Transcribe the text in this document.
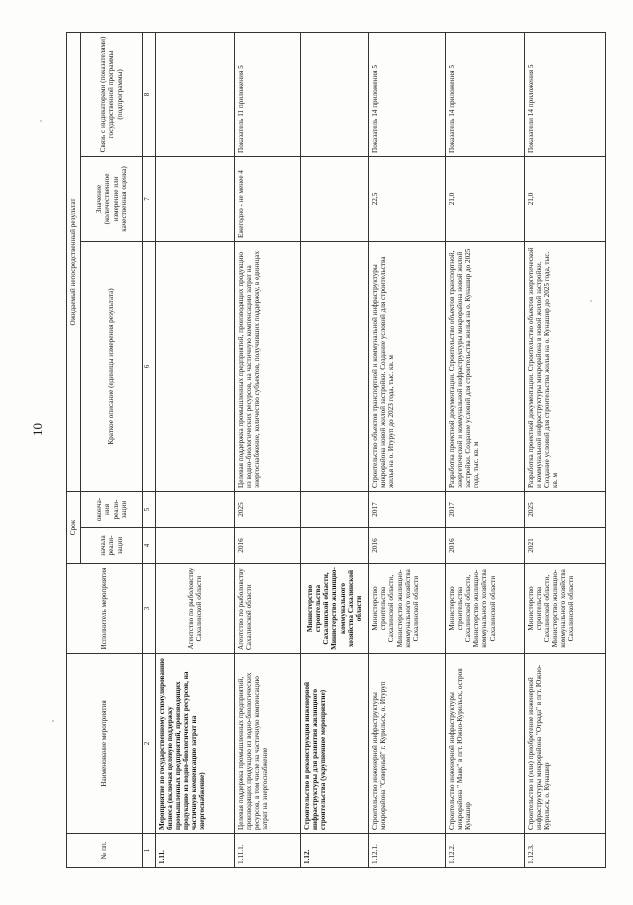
10
№ пп.	Наименование мероприятия	Исполнитель мероприятия	Срок		Ожидаемый непосредственный результат		
			начала реали-зации	оконча-ния реали-зации	Краткое описание (единицы измерения результата)	Значение (количественное измерение или качественная оценка)	Связь с индикаторами (показателями) государственной программы (подпрограммы)
1	2	3	4	5	6	7	8
1.11.	Мероприятие по государственному стимулированию бизнеса (включая целевую поддержку промышленных предприятий, производящих продукцию из водно-биологических ресурсов, на частичную компенсацию затрат на энергоснабжение)	Агентство по рыболовству Сахалинской области					
1.11.1.	Целевая поддержка промышленных предприятий, производящих продукцию из водно-биологических ресурсов, в том числе на частичную компенсацию затрат на энергоснабжение	Агентство по рыболовству Сахалинской области	2016	2025	Целевая поддержка промышленных предприятий, производящих продукцию из водно-биологических ресурсов, на частичную компенсацию затрат на энергоснабжение, количество субъектов, получивших поддержку, в единицах	Ежегодно - не менее 4	Показатель 11 приложения 5
1.12.	Строительство и реконструкция инженерной инфраструктуры для развития жилищного строительства (укрупненное мероприятие)	Министерство строительства Сахалинской области, Министерство жилищно-коммунального хозяйства Сахалинской области					
1.12.1.	Строительство инженерной инфраструктуры микрорайона "Северный" г. Курильск, о. Итуруп	Министерство строительства Сахалинской области, Министерство жилищно-коммунального хозяйства Сахалинской области	2016	2017	Строительство объектов транспортной и коммунальной инфраструктуры микрорайона новой жилой застройки. Создание условий для строительства жилья на о. Итуруп до 2023 года, тыс. кв. м	22,5	Показатель 14 приложения 5
1.12.2.	Строительство инженерной инфраструктуры микрорайона " Маяк" в пгт. Южно-Курильск, остров Кунашир	Министерство строительства Сахалинской области, Министерство жилищно-коммунального хозяйства Сахалинской области	2016	2017	Разработка проектной документации. Строительство объектов транспортной, энергетической и коммунальной инфраструктуры микрорайона новой жилой застройки. Создание условий для строительства жилья на о. Кунашир до 2025 года, тыс. кв. м	21,0	Показатель 14 приложения 5
1.12.3.	Строительство и (или) приобретение инженерной инфраструктуры микрорайона "Отрада" в пгт. Южно-Курильск, о. Кунашир	Министерство строительства Сахалинской области, Министерство жилищно-коммунального хозяйства Сахалинской области	2021	2025	Разработка проектной документации. Строительство объектов энергетической и коммунальной инфраструктуры микрорайона в новой жилой застройки. Создание условий для строительства жилья на о. Кунашир до 2025 года, тыс. кв. м	21,0	Показатели 14 приложения 5
